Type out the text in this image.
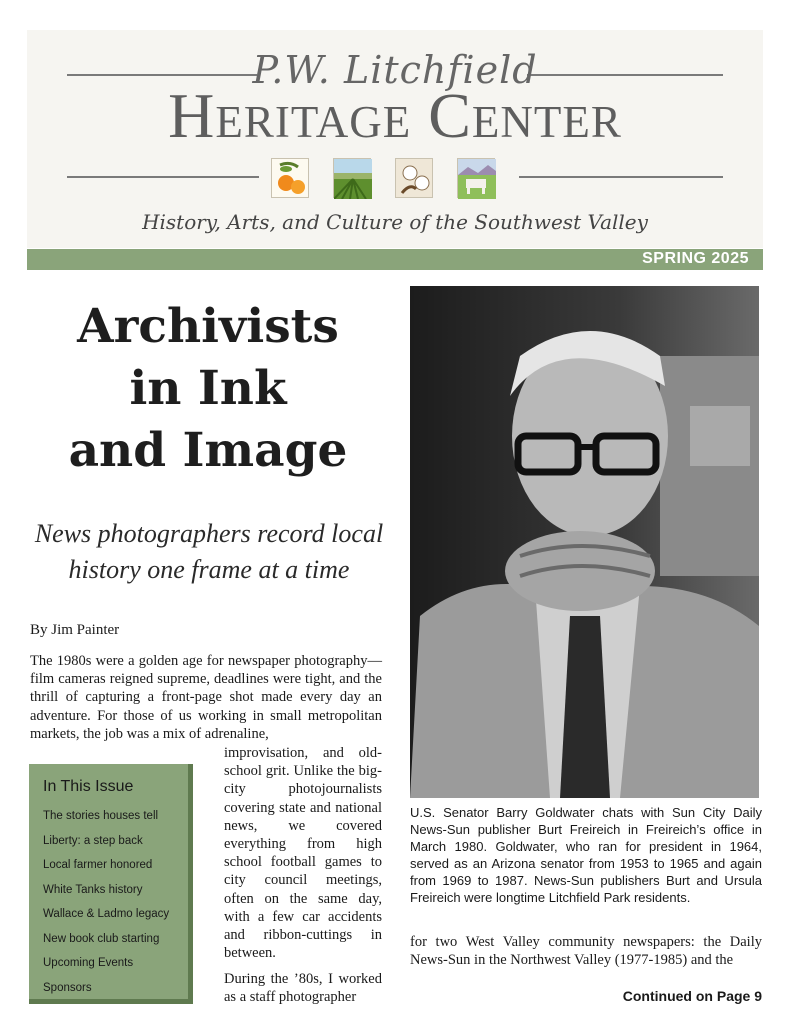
P.W. Litchfield
Heritage Center
History, Arts, and Culture of the Southwest Valley
SPRING 2025
Archivists
in Ink
and Image
News photographers record local
history one frame at a time
By Jim Painter
The 1980s were a golden age for newspaper photography—film cameras reigned supreme, deadlines were tight, and the thrill of capturing a front-page shot made every day an adventure. For those of us working in small metropolitan markets, the job was a mix of adrenaline,
improvisation, and old-school grit. Unlike the big-city photojournalists covering state and national news, we covered everything from high school football games to city council meetings, often on the same day, with a few car accidents and ribbon-cuttings in between.
During the ’80s, I worked as a staff photographer
In This Issue
The stories houses tell
Liberty: a step back
Local farmer honored
White Tanks history
Wallace & Ladmo legacy
New book club starting
Upcoming Events
Sponsors
U.S. Senator Barry Goldwater chats with Sun City Daily News-Sun publisher Burt Freireich in Freireich’s office in March 1980. Goldwater, who ran for president in 1964, served as an Arizona senator from 1953 to 1965 and again from 1969 to 1987. News-Sun publishers Burt and Ursula Freireich were longtime Litchfield Park residents.
for two West Valley community newspapers: the Daily News-Sun in the Northwest Valley (1977-1985) and the
Continued on Page 9
